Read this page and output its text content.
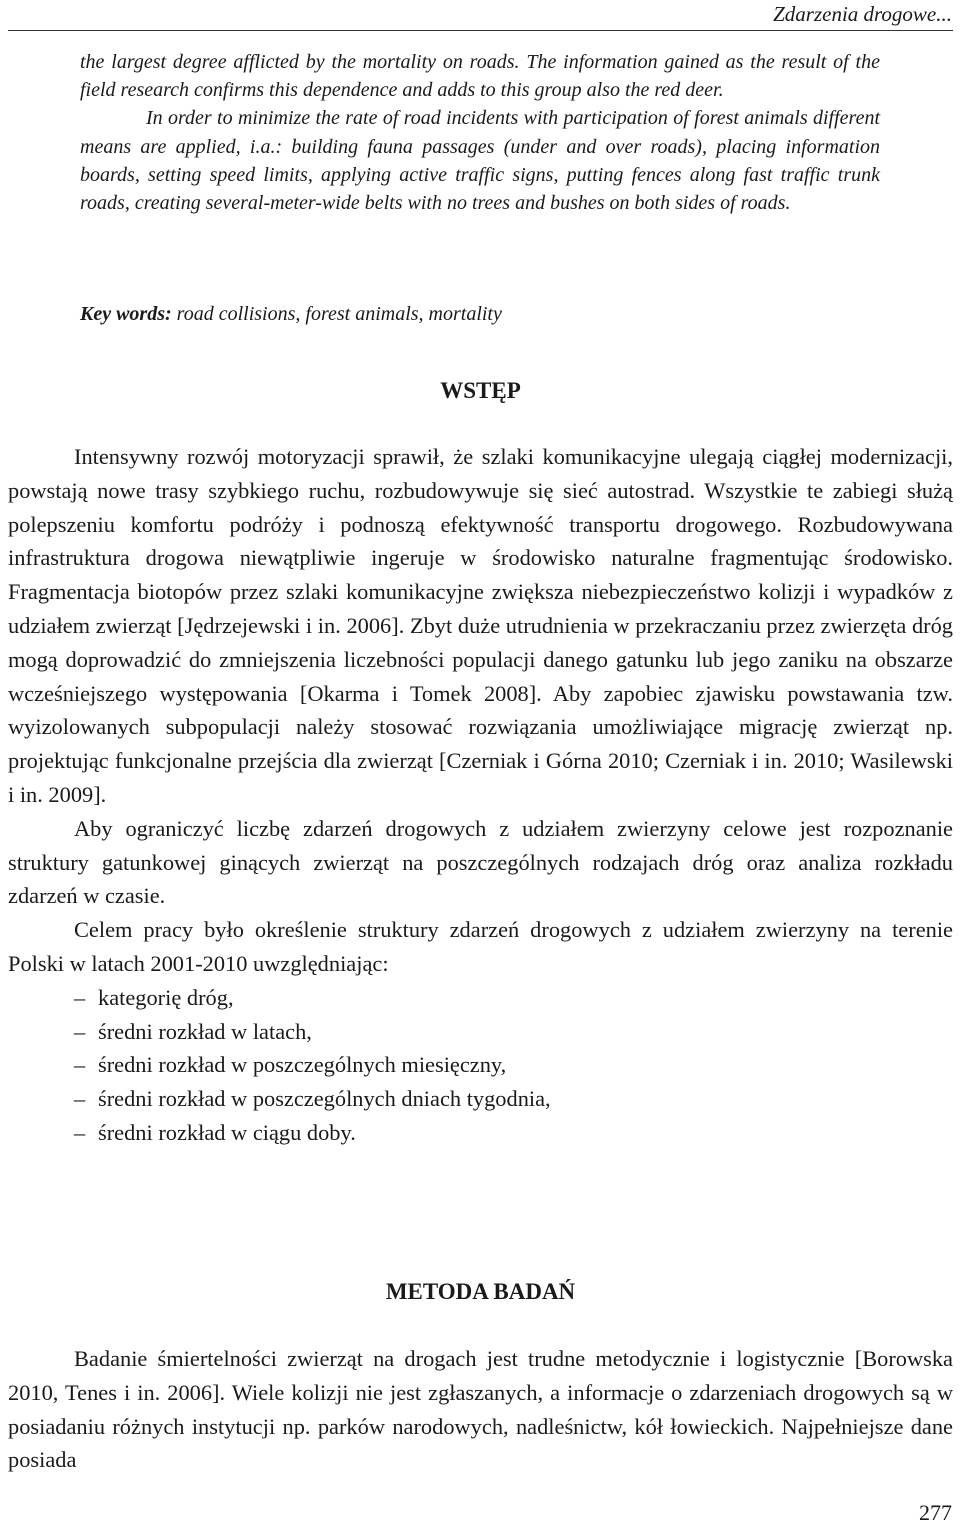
Zdarzenia drogowe...

the largest degree afflicted by the mortality on roads. The information gained as the result of the field research confirms this dependence and adds to this group also the red deer.

In order to minimize the rate of road incidents with participation of forest animals different means are applied, i.a.: building fauna passages (under and over roads), placing information boards, setting speed limits, applying active traffic signs, putting fences along fast traffic trunk roads, creating several-meter-wide belts with no trees and bushes on both sides of roads.

Key words: road collisions, forest animals, mortality
WSTĘP

Intensywny rozwój motoryzacji sprawił, że szlaki komunikacyjne ulegają ciągłej modernizacji, powstają nowe trasy szybkiego ruchu, rozbudowywuje się sieć autostrad. Wszystkie te zabiegi służą polepszeniu komfortu podróży i podnoszą efektywność transportu drogowego. Rozbudowywana infrastruktura drogowa niewątpliwie ingeruje w środowisko naturalne fragmentując środowisko. Fragmentacja biotopów przez szlaki komunikacyjne zwiększa niebezpieczeństwo kolizji i wypadków z udziałem zwierząt [Jędrzejewski i in. 2006]. Zbyt duże utrudnienia w przekraczaniu przez zwierzęta dróg mogą doprowadzić do zmniejszenia liczebności populacji danego gatunku lub jego zaniku na obszarze wcześniejszego występowania [Okarma i Tomek 2008]. Aby zapobiec zjawisku powstawania tzw. wyizolowanych subpopulacji należy stosować rozwiązania umożliwiające migrację zwierząt np. projektując funkcjonalne przejścia dla zwierząt [Czerniak i Górna 2010; Czerniak i in. 2010; Wasilewski i in. 2009].

Aby ograniczyć liczbę zdarzeń drogowych z udziałem zwierzyny celowe jest rozpoznanie struktury gatunkowej ginących zwierząt na poszczególnych rodzajach dróg oraz analiza rozkładu zdarzeń w czasie.

Celem pracy było określenie struktury zdarzeń drogowych z udziałem zwierzyny na terenie Polski w latach 2001-2010 uwzględniając:

– kategorię dróg,
– średni rozkład w latach,
– średni rozkład w poszczególnych miesięczny,
– średni rozkład w poszczególnych dniach tygodnia,
– średni rozkład w ciągu doby.
METODA BADAŃ

Badanie śmiertelności zwierząt na drogach jest trudne metodycznie i logistycznie [Borowska 2010, Tenes i in. 2006]. Wiele kolizji nie jest zgłaszanych, a informacje o zdarzeniach drogowych są w posiadaniu różnych instytucji np. parków narodowych, nadleśnictw, kół łowieckich. Najpełniejsze dane posiada

277
